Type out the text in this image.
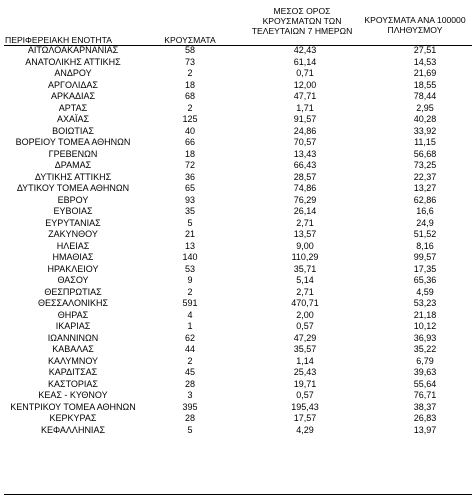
ΠΕΡΙΦΕΡΕΙΑΚΗ ΕΝΟΤΗΤΑ	ΚΡΟΥΣΜΑΤΑ
ΜΕΣΟΣ ΟΡΟΣ
ΚΡΟΥΣΜΑΤΩΝ ΤΩΝ
ΤΕΛΕΥΤΑΙΩΝ 7 ΗΜΕΡΩΝ
ΚΡΟΥΣΜΑΤΑ ΑΝΑ 100000
ΠΛΗΘΥΣΜΟΥ
ΑΙΤΩΛΟΑΚΑΡΝΑΝΙΑΣ	58	42,43	27,51
ΑΝΑΤΟΛΙΚΗΣ ΑΤΤΙΚΗΣ	73	61,14	14,53
ΑΝΔΡΟΥ	2	0,71	21,69
ΑΡΓΟΛΙΔΑΣ	18	12,00	18,55
ΑΡΚΑΔΙΑΣ	68	47,71	78,44
ΑΡΤΑΣ	2	1,71	2,95
ΑΧΑΪΑΣ	125	91,57	40,28
ΒΟΙΩΤΙΑΣ	40	24,86	33,92
ΒΟΡΕΙΟΥ ΤΟΜΕΑ ΑΘΗΝΩΝ	66	70,57	11,15
ΓΡΕΒΕΝΩΝ	18	13,43	56,68
ΔΡΑΜΑΣ	72	66,43	73,25
ΔΥΤΙΚΗΣ ΑΤΤΙΚΗΣ	36	28,57	22,37
ΔΥΤΙΚΟΥ ΤΟΜΕΑ ΑΘΗΝΩΝ	65	74,86	13,27
ΕΒΡΟΥ	93	76,29	62,86
ΕΥΒΟΙΑΣ	35	26,14	16,6
ΕΥΡΥΤΑΝΙΑΣ	5	2,71	24,9
ΖΑΚΥΝΘΟΥ	21	13,57	51,52
ΗΛΕΙΑΣ	13	9,00	8,16
ΗΜΑΘΙΑΣ	140	110,29	99,57
ΗΡΑΚΛΕΙΟΥ	53	35,71	17,35
ΘΑΣΟΥ	9	5,14	65,36
ΘΕΣΠΡΩΤΙΑΣ	2	2,71	4,59
ΘΕΣΣΑΛΟΝΙΚΗΣ	591	470,71	53,23
ΘΗΡΑΣ	4	2,00	21,18
ΙΚΑΡΙΑΣ	1	0,57	10,12
ΙΩΑΝΝΙΝΩΝ	62	47,29	36,93
ΚΑΒΑΛΑΣ	44	35,57	35,22
ΚΑΛΥΜΝΟΥ	2	1,14	6,79
ΚΑΡΔΙΤΣΑΣ	45	25,43	39,63
ΚΑΣΤΟΡΙΑΣ	28	19,71	55,64
ΚΕΑΣ - ΚΥΘΝΟΥ	3	0,57	76,71
ΚΕΝΤΡΙΚΟΥ ΤΟΜΕΑ ΑΘΗΝΩΝ	395	195,43	38,37
ΚΕΡΚΥΡΑΣ	28	17,57	26,83
ΚΕΦΑΛΛΗΝΙΑΣ	5	4,29	13,97
